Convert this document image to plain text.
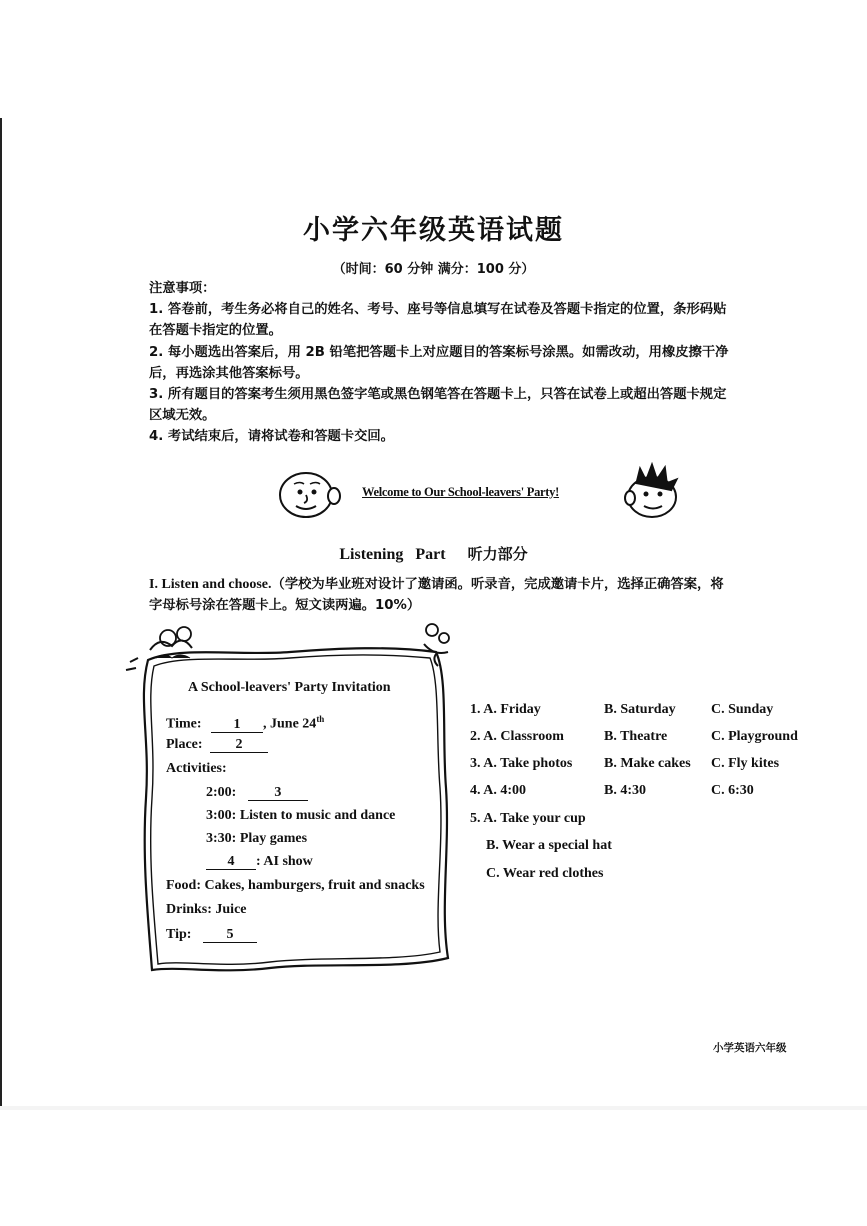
小学六年级英语试题
（时间：60 分钟 满分：100 分）
注意事项：
1. 答卷前，考生务必将自己的姓名、考号、座号等信息填写在试卷及答题卡指定的位置，条形码贴
在答题卡指定的位置。
2. 每小题选出答案后，用 2B 铅笔把答题卡上对应题目的答案标号涂黑。如需改动，用橡皮擦干净
后，再选涂其他答案标号。
3. 所有题目的答案考生须用黑色签字笔或黑色钢笔答在答题卡上，只答在试卷上或超出答题卡规定
区域无效。
4. 考试结束后，请将试卷和答题卡交回。
Welcome to Our School-leavers' Party!
Listening   Part 听力部分
I. Listen and choose.（学校为毕业班对设计了邀请函。听录音，完成邀请卡片，选择正确答案，将
字母标号涂在答题卡上。短文读两遍。10%）
A School-leavers' Party Invitation
Time: 1 , June 24th
Place: 2
Activities:
2:00:	3
3:00: Listen to music and dance
3:30: Play games
4 : AI show
Food: Cakes, hamburgers, fruit and snacks
Drinks: Juice
Tip:	5
1. A. Friday	B. Saturday	C. Sunday
2. A. Classroom	B. Theatre	C. Playground
3. A. Take photos B. Make cakes C. Fly kites
4. A. 4:00	B. 4:30	C. 6:30
5. A. Take your cup
B. Wear a special hat
C. Wear red clothes
小学英语六年级
